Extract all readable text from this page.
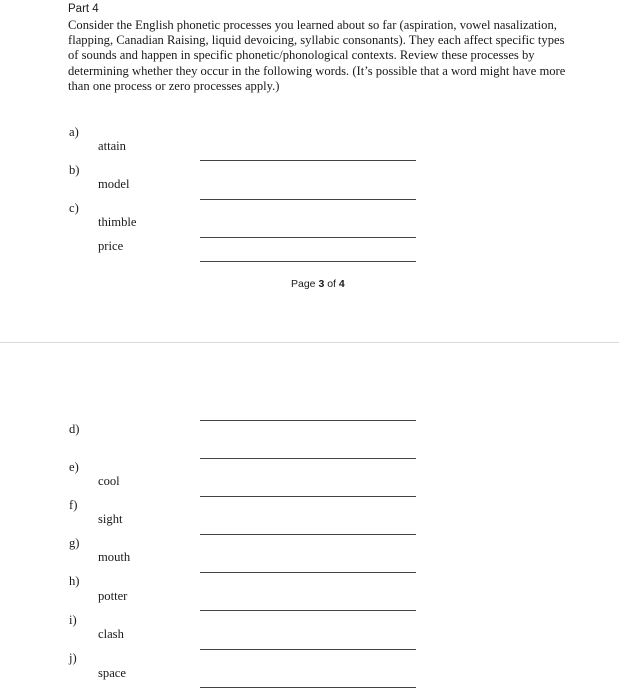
Part 4
Consider the English phonetic processes you learned about so far (aspiration, vowel nasalization, flapping, Canadian Raising, liquid devoicing, syllabic consonants). They each affect specific types of sounds and happen in specific phonetic/phonological contexts. Review these processes by determining whether they occur in the following words. (It’s possible that a word might have more than one process or zero processes apply.)
a)
attain
b)
model
c)
thimble
price
Page 3 of 4
d)
e)
cool
f)
sight
g)
mouth
h)
potter
i)
clash
j)
space
